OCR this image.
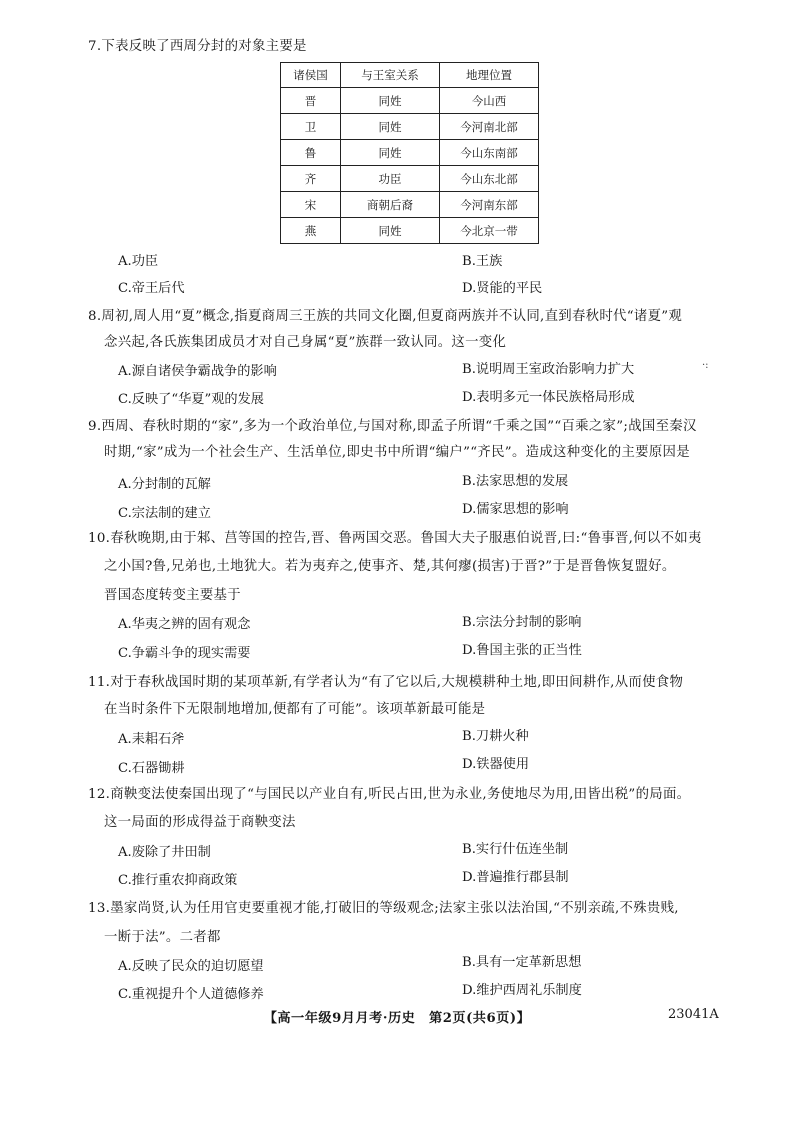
7.下表反映了西周分封的对象主要是
诸侯国	与王室关系	地理位置
晋	同姓	今山西
卫	同姓	今河南北部
鲁	同姓	今山东南部
齐	功臣	今山东北部
宋	商朝后裔	今河南东部
燕	同姓	今北京一带
A.功臣	B.王族
C.帝王后代	D.贤能的平民
8.周初,周人用“夏”概念,指夏商周三王族的共同文化圈,但夏商两族并不认同,直到春秋时代“诸夏”观
念兴起,各氏族集团成员才对自己身属“夏”族群一致认同。这一变化
A.源自诸侯争霸战争的影响	B.说明周王室政治影响力扩大	·:
C.反映了“华夏”观的发展	D.表明多元一体民族格局形成
9.西周、春秋时期的“家”,多为一个政治单位,与国对称,即孟子所谓“千乘之国”“百乘之家”;战国至秦汉
时期,“家”成为一个社会生产、生活单位,即史书中所谓“编户”“齐民”。造成这种变化的主要原因是
A.分封制的瓦解	B.法家思想的发展
C.宗法制的建立	D.儒家思想的影响
10.春秋晚期,由于邾、莒等国的控告,晋、鲁两国交恶。鲁国大夫子服惠伯说晋,曰:“鲁事晋,何以不如夷
之小国?鲁,兄弟也,土地犹大。若为夷弃之,使事齐、楚,其何瘳(损害)于晋?”于是晋鲁恢复盟好。
晋国态度转变主要基于
A.华夷之辨的固有观念	B.宗法分封制的影响
C.争霸斗争的现实需要	D.鲁国主张的正当性
11.对于春秋战国时期的某项革新,有学者认为“有了它以后,大规模耕种土地,即田间耕作,从而使食物
在当时条件下无限制地增加,便都有了可能”。该项革新最可能是
A.耒耜石斧	B.刀耕火种
C.石器锄耕	D.铁器使用
12.商鞅变法使秦国出现了“与国民以产业自有,听民占田,世为永业,务使地尽为用,田皆出税”的局面。
这一局面的形成得益于商鞅变法
A.废除了井田制	B.实行什伍连坐制
C.推行重农抑商政策	D.普遍推行郡县制
13.墨家尚贤,认为任用官吏要重视才能,打破旧的等级观念;法家主张以法治国,“不别亲疏,不殊贵贱,
一断于法”。二者都
A.反映了民众的迫切愿望	B.具有一定革新思想
C.重视提升个人道德修养	D.维护西周礼乐制度
【高一年级9月月考·历史　第2页(共6页)】	23041A
